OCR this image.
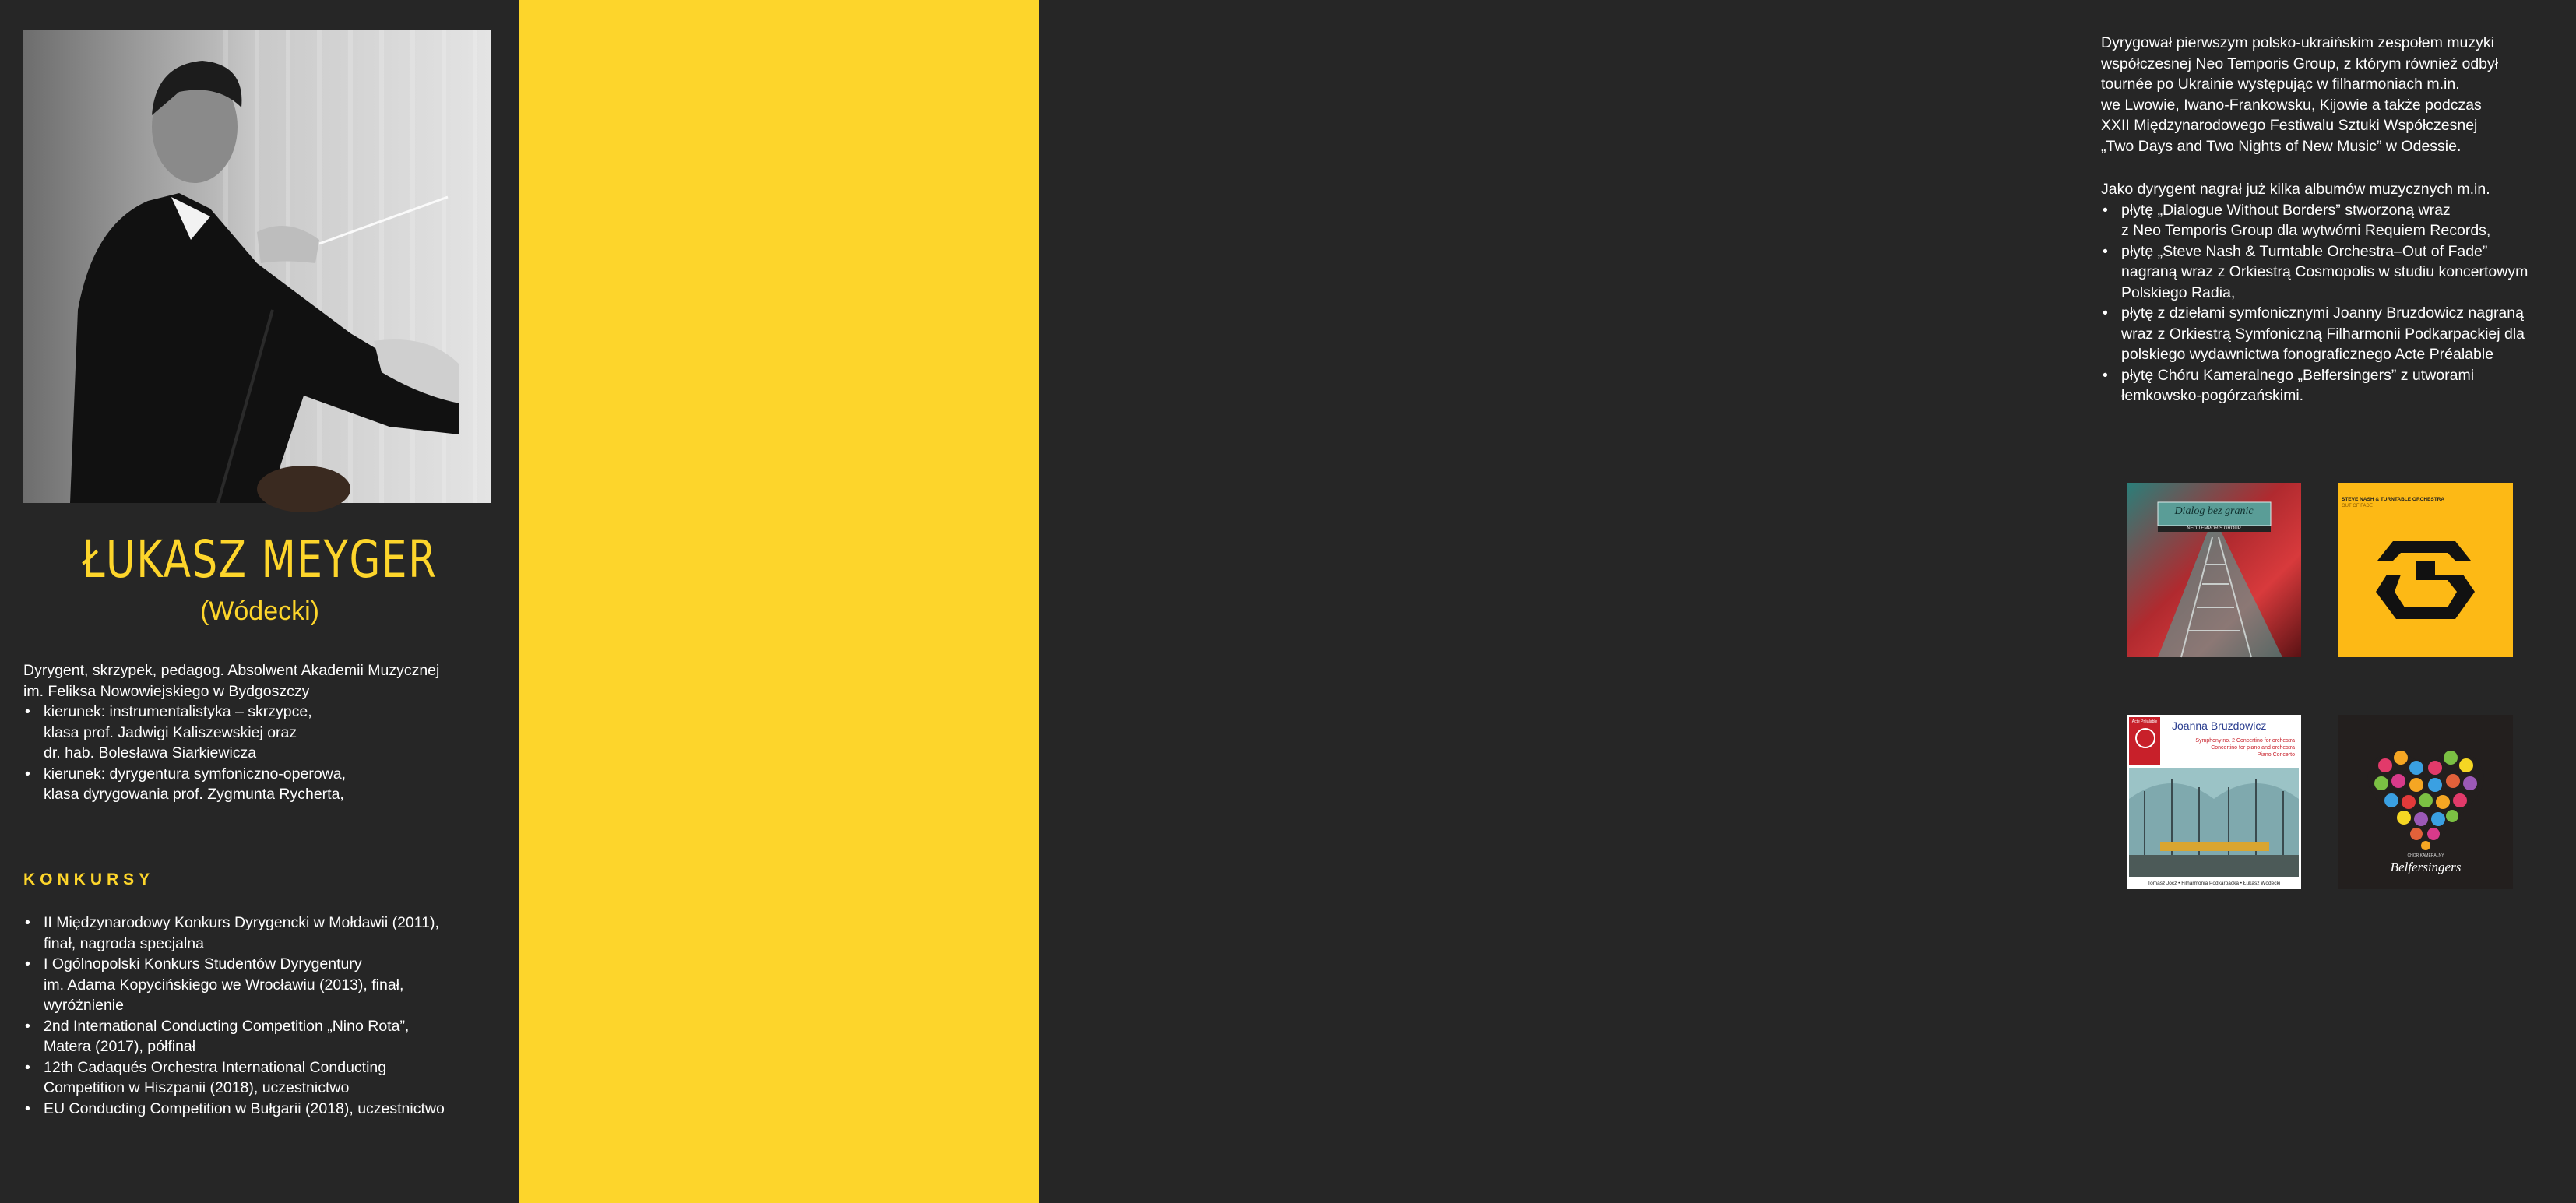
ŁUKASZ MEYGER
(Wódecki)
Dyrygent, skrzypek, pedagog. Absolwent Akademii Muzycznej
im. Feliksa Nowowiejskiego w Bydgoszczy
• kierunek: instrumentalistyka – skrzypce,
klasa prof. Jadwigi Kaliszewskiej oraz
dr. hab. Bolesława Siarkiewicza
• kierunek: dyrygentura symfoniczno-operowa,
klasa dyrygowania prof. Zygmunta Rycherta,
KONKURSY
• II Międzynarodowy Konkurs Dyrygencki w Mołdawii (2011),
finał, nagroda specjalna
• I Ogólnopolski Konkurs Studentów Dyrygentury
im. Adama Kopycińskiego we Wrocławiu (2013), finał,
wyróżnienie
• 2nd International Conducting Competition „Nino Rota”,
Matera (2017), półfinał
• 12th Cadaqués Orchestra International Conducting
Competition w Hiszpanii (2018), uczestnictwo
• EU Conducting Competition w Bułgarii (2018), uczestnictwo
•
•
•
•
•
•
•
•
Dyrygował pierwszym polsko-ukraińskim zespołem muzyki
współczesnej Neo Temporis Group, z którym również odbył
tournée po Ukrainie występując w filharmoniach m.in.
we Lwowie, Iwano-Frankowsku, Kijowie a także podczas
XXII Międzynarodowego Festiwalu Sztuki Współczesnej
„Two Days and Two Nights of New Music” w Odessie.
Jako dyrygent nagrał już kilka albumów muzycznych m.in.
• płytę „Dialogue Without Borders” stworzoną wraz
z Neo Temporis Group dla wytwórni Requiem Records,
• płytę „Steve Nash & Turntable Orchestra–Out of Fade”
nagraną wraz z Orkiestrą Cosmopolis w studiu koncertowym
Polskiego Radia,
• płytę z dziełami symfonicznymi Joanny Bruzdowicz nagraną
wraz z Orkiestrą Symfoniczną Filharmonii Podkarpackiej dla
polskiego wydawnictwa fonograficznego Acte Préalable
• płytę Chóru Kameralnego „Belfersingers” z utworami
łemkowsko-pogórzańskimi.
Dialog bez granic
NEO TEMPORIS GROUP
STEVE NASH & TURNTABLE ORCHESTRA
OUT OF FADE
Acte Préalable Joanna Bruzdowicz
Symphony no. 2 Concertino for orchestra
Concertino for piano and orchestra
Piano Concerto
Tomasz Jocz • Filharmonia Podkarpacka • Łukasz Wódecki
CHÓR KAMERALNY
Belfersingers
